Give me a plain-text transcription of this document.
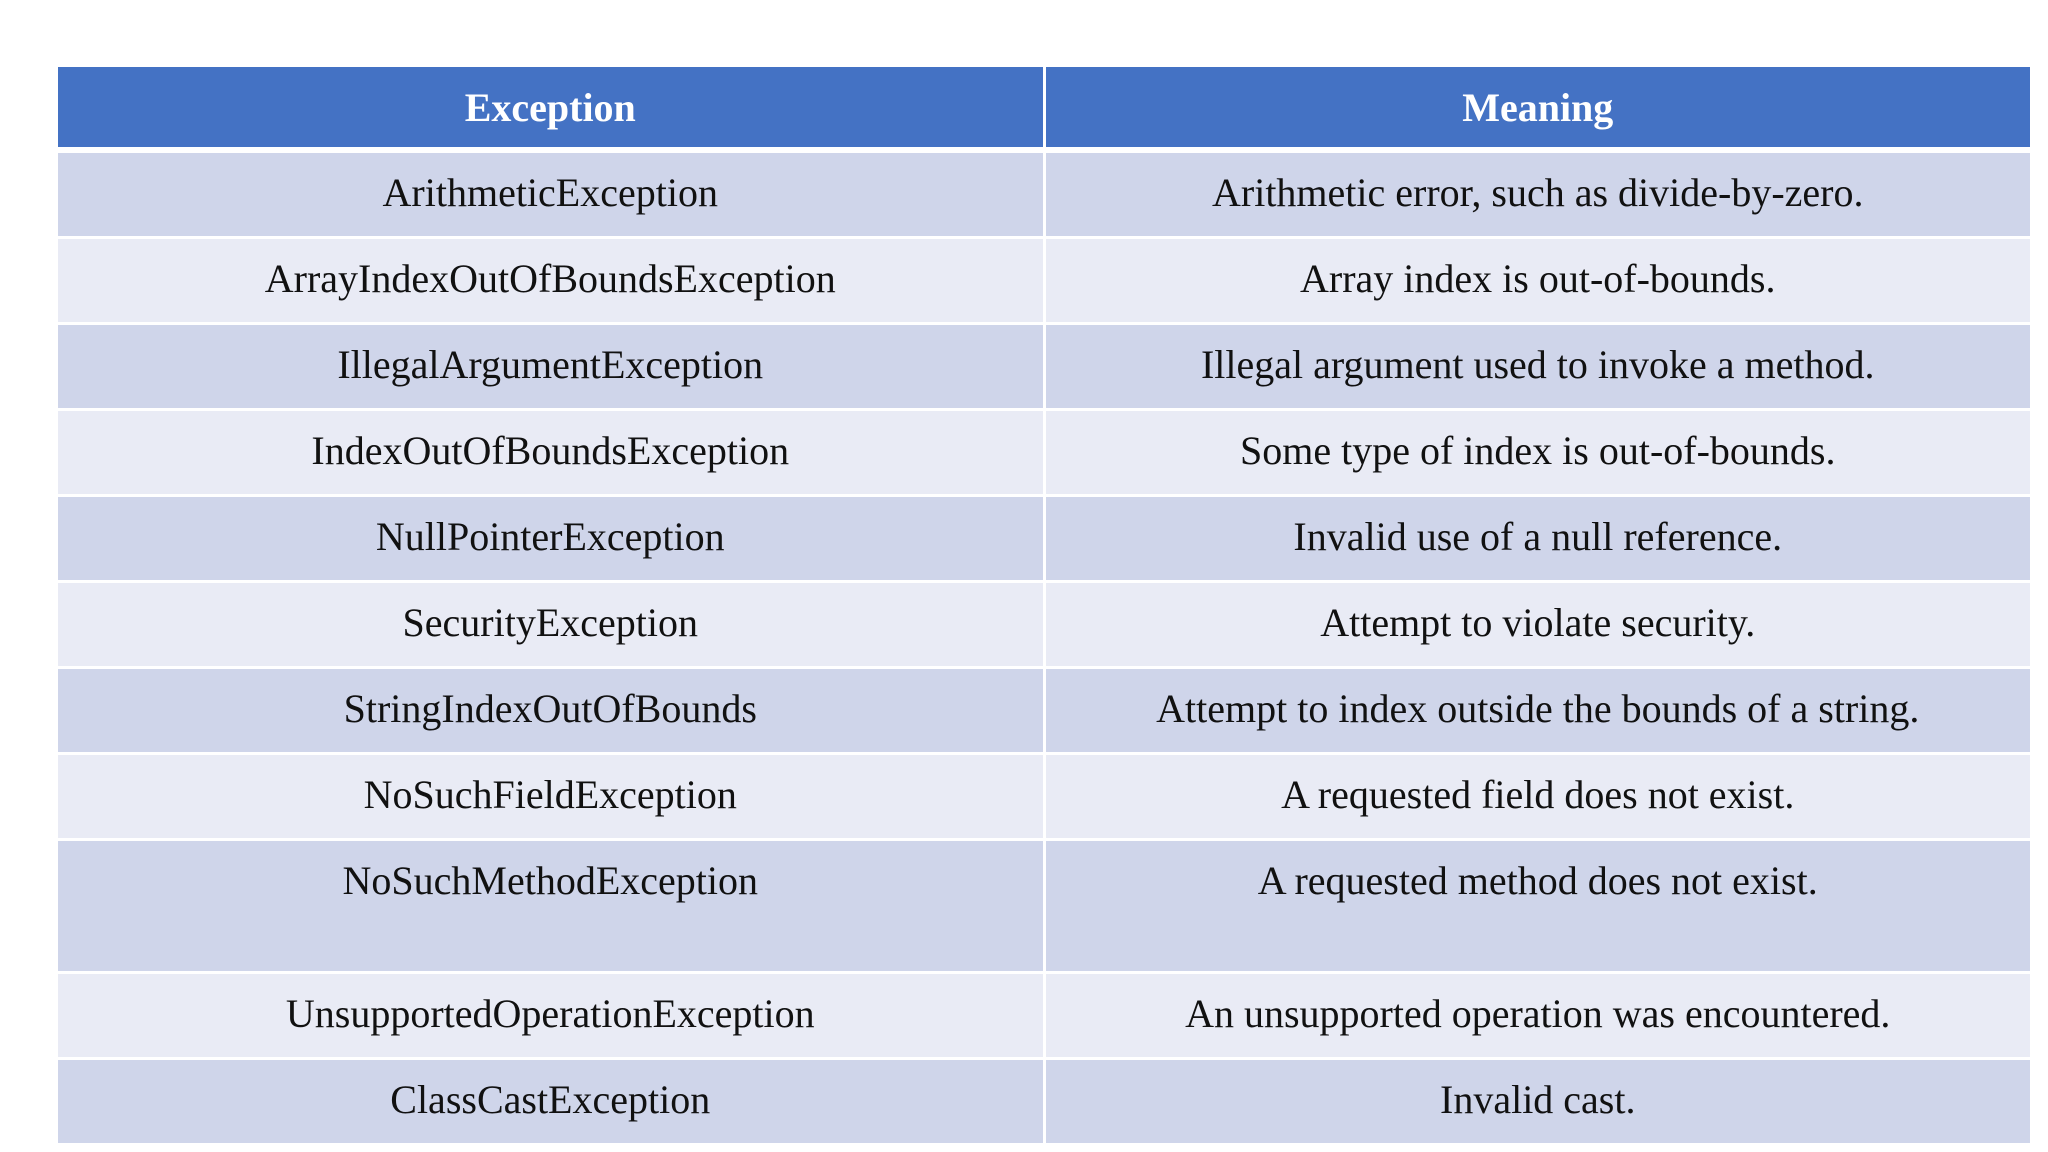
Exception	Meaning
ArithmeticException	Arithmetic error, such as divide-by-zero.
ArrayIndexOutOfBoundsException	Array index is out-of-bounds.
IllegalArgumentException	Illegal argument used to invoke a method.
IndexOutOfBoundsException	Some type of index is out-of-bounds.
NullPointerException	Invalid use of a null reference.
SecurityException	Attempt to violate security.
StringIndexOutOfBounds	Attempt to index outside the bounds of a string.
NoSuchFieldException	A requested field does not exist.
NoSuchMethodException	A requested method does not exist.
UnsupportedOperationException	An unsupported operation was encountered.
ClassCastException	Invalid cast.
